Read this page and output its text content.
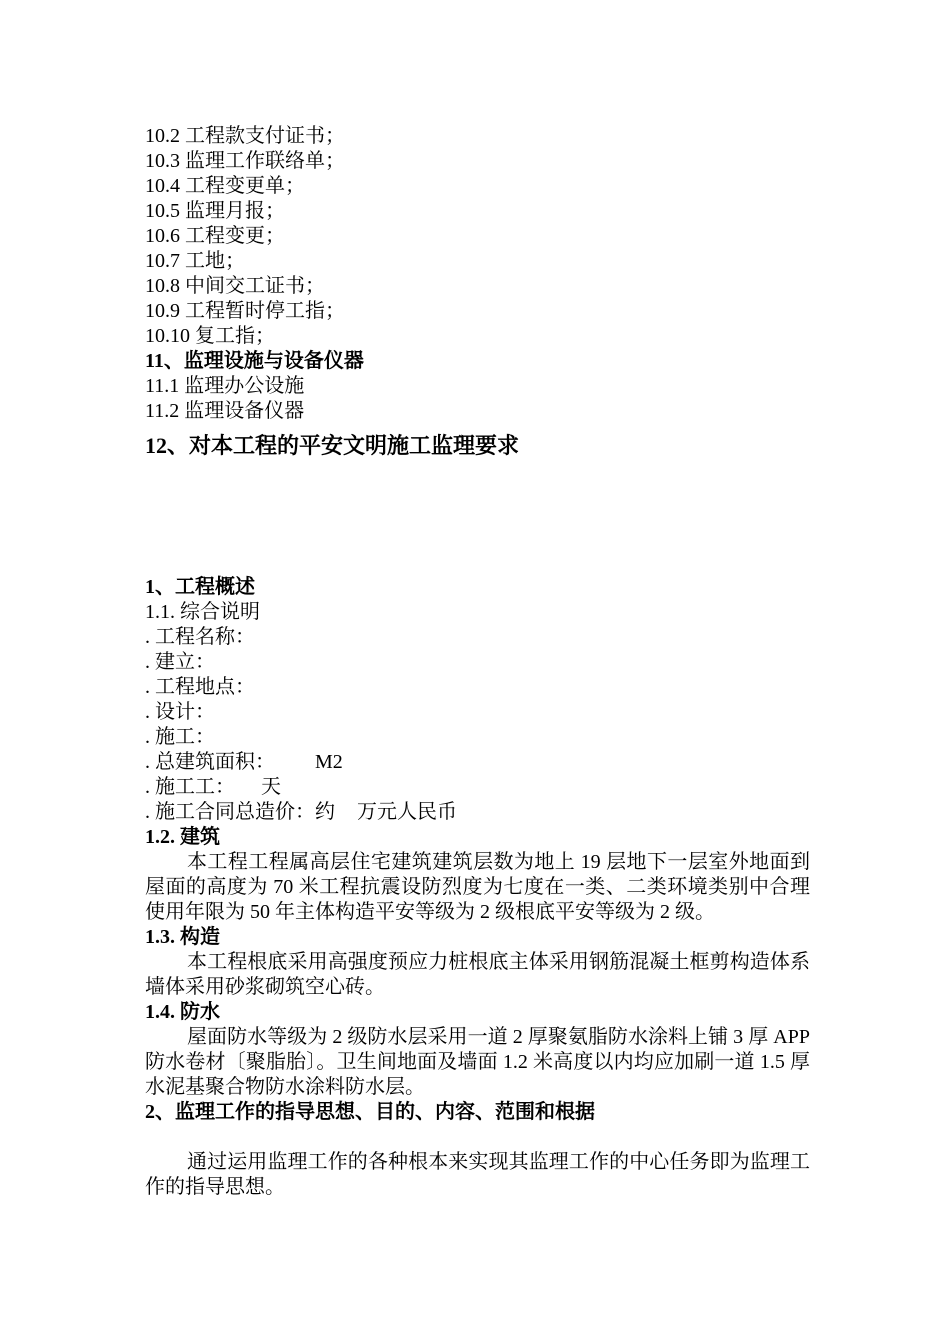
10.2 工程款支付证书；
10.3 监理工作联络单；
10.4 工程变更单；
10.5 监理月报；
10.6 工程变更；
10.7 工地；
10.8 中间交工证书；
10.9 工程暂时停工指；
10.10 复工指；
11、监理设施与设备仪器
11.1 监理办公设施
11.2 监理设备仪器
12、对本工程的平安文明施工监理要求
1、工程概述
1.1. 综合说明
. 工程名称：
. 建立：
. 工程地点：
. 设计：
. 施工：
. 总建筑面积： M2
. 施工工： 天
. 施工合同总造价：约 万元人民币
1.2. 建筑
本工程工程属高层住宅建筑建筑层数为地上 19 层地下一层室外地面到屋面的高度为 70 米工程抗震设防烈度为七度在一类、二类环境类别中合理使用年限为 50 年主体构造平安等级为 2 级根底平安等级为 2 级。
1.3. 构造
本工程根底采用高强度预应力桩根底主体采用钢筋混凝土框剪构造体系墙体采用砂浆砌筑空心砖。
1.4. 防水
屋面防水等级为 2 级防水层采用一道 2 厚聚氨脂防水涂料上铺 3 厚 APP 防水卷材〔聚脂胎〕。卫生间地面及墙面 1.2 米高度以内均应加刷一道 1.5 厚水泥基聚合物防水涂料防水层。
2、监理工作的指导思想、目的、内容、范围和根据
通过运用监理工作的各种根本来实现其监理工作的中心任务即为监理工作的指导思想。
